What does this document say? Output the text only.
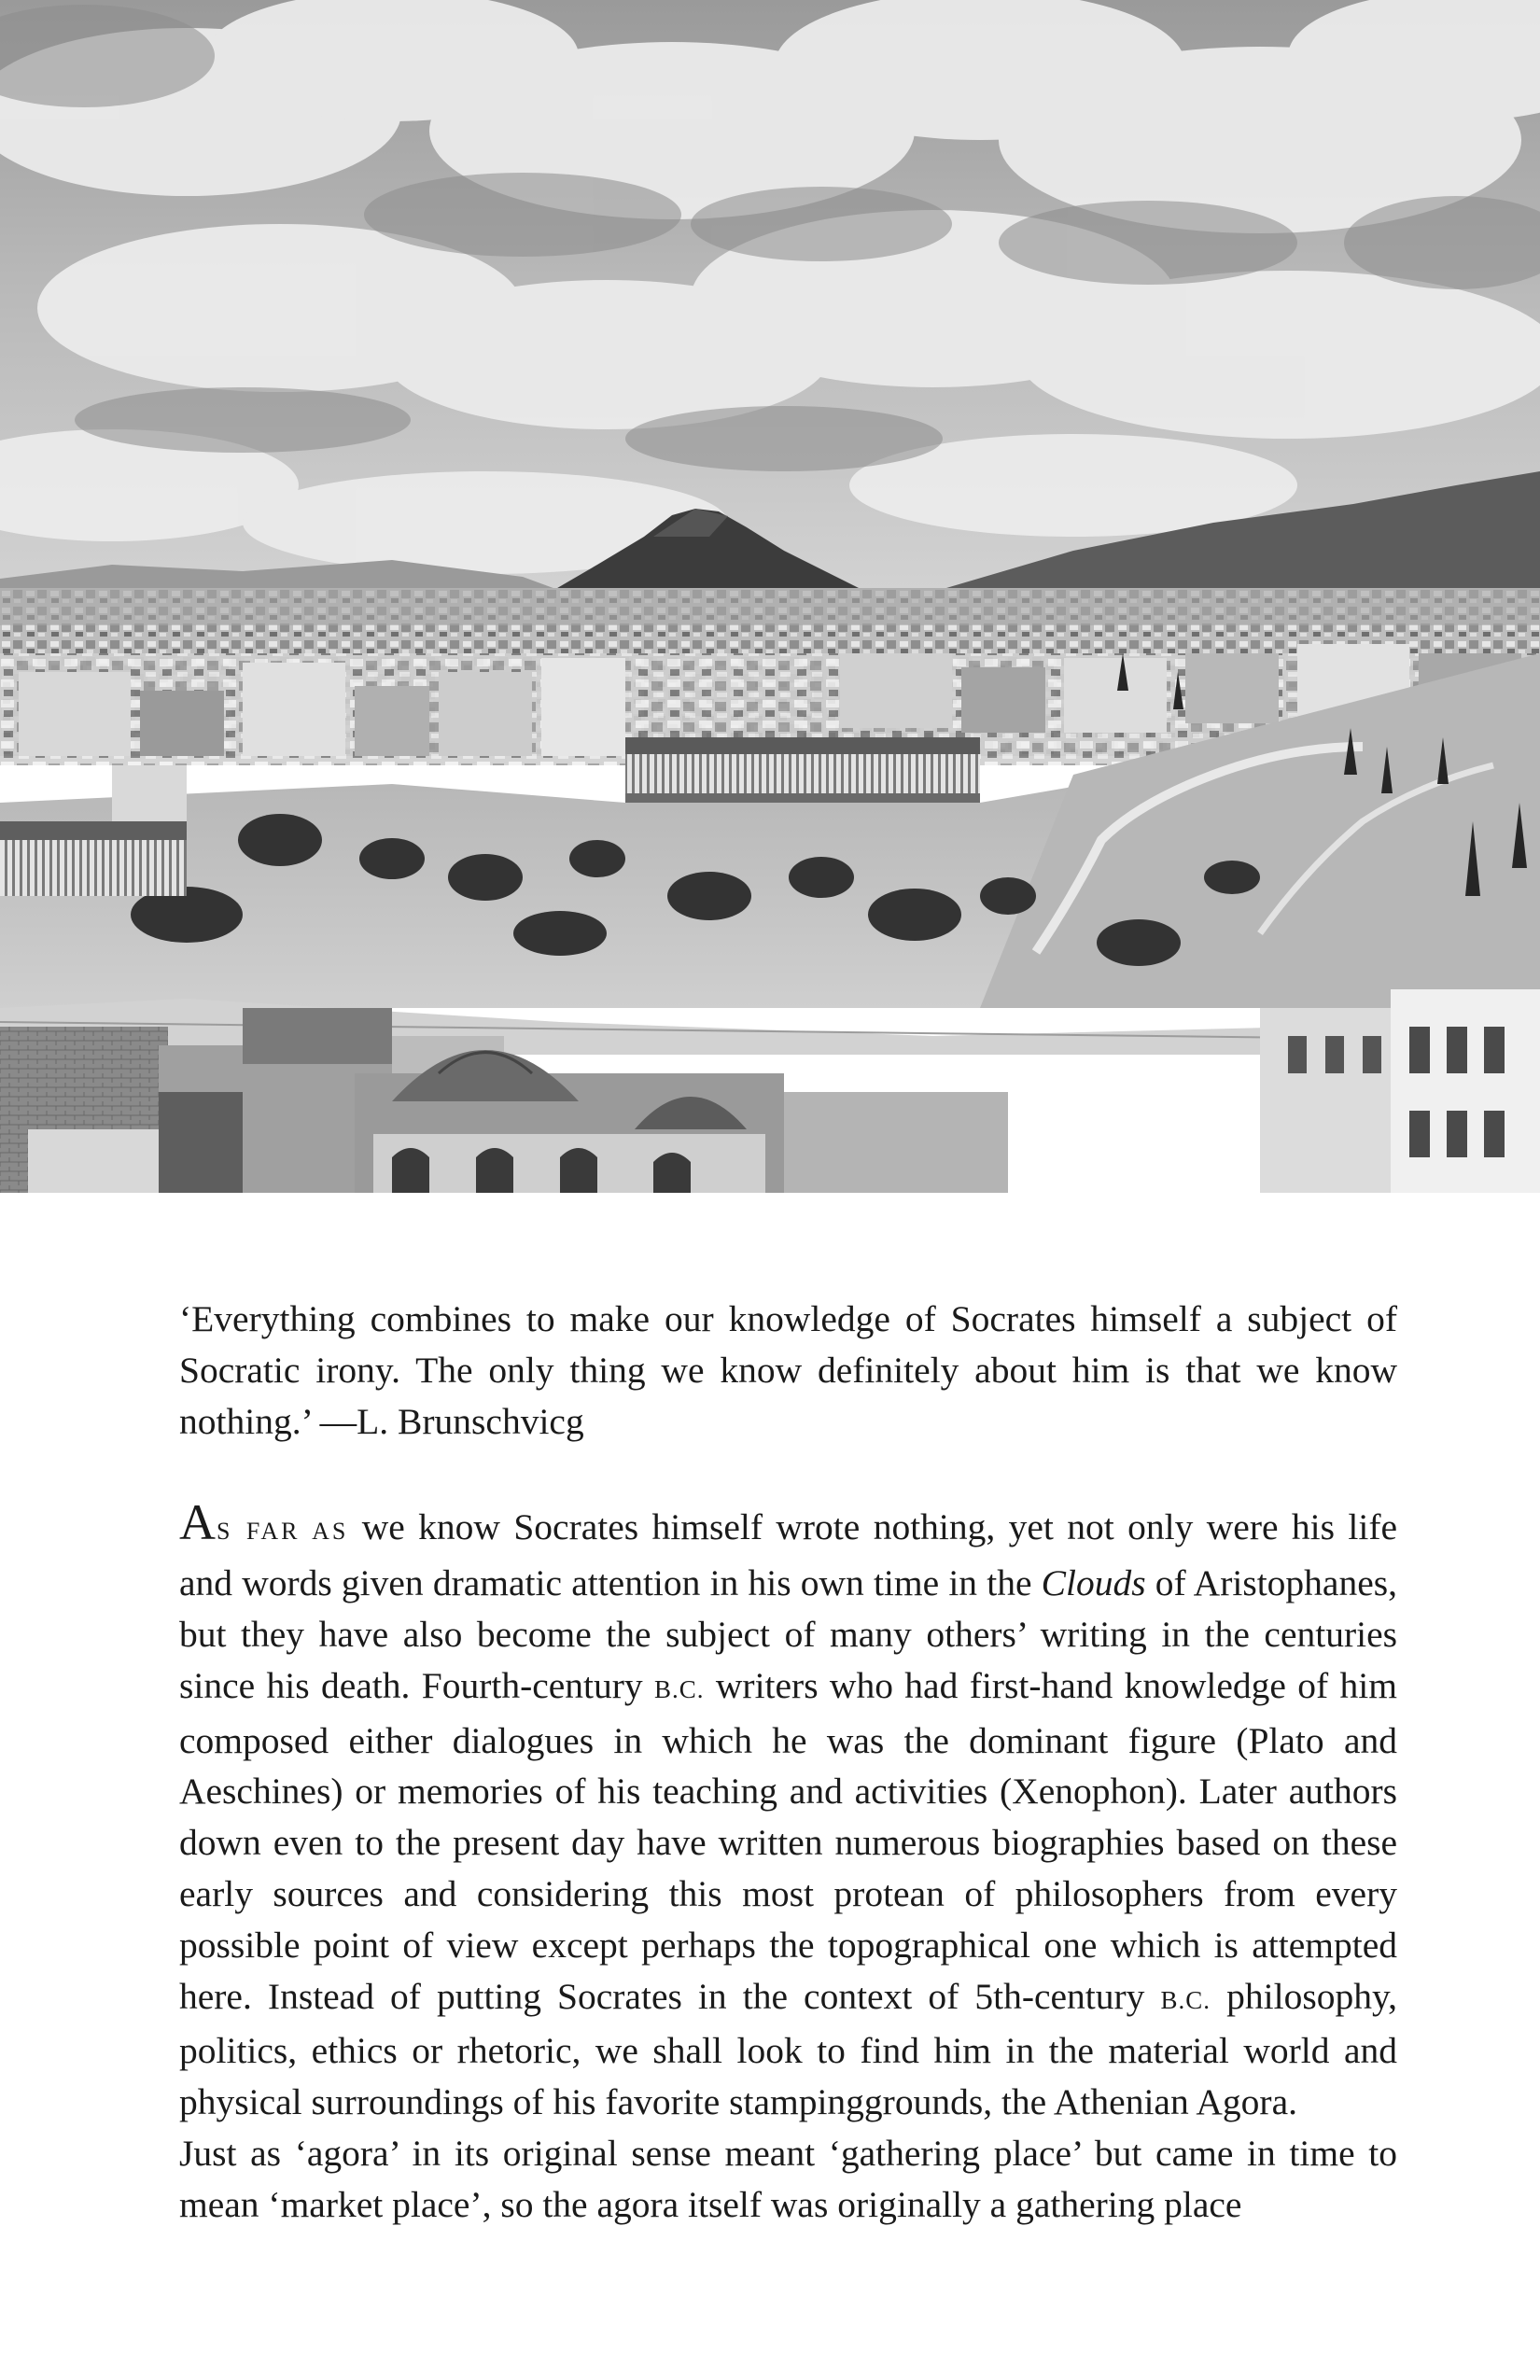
‘Everything combines to make our knowledge of Socrates himself a subject of Socratic irony. The only thing we know definitely about him is that we know nothing.’ —L. Brunschvicg

AS FAR AS we know Socrates himself wrote nothing, yet not only were his life and words given dramatic attention in his own time in the Clouds of Aristophanes, but they have also become the subject of many others’ writing in the centuries since his death. Fourth-century B.C. writers who had first-hand knowledge of him composed either dialogues in which he was the dominant figure (Plato and Aeschines) or memories of his teaching and activities (Xenophon). Later authors down even to the present day have written numerous biographies based on these early sources and considering this most protean of philosophers from every possible point of view except perhaps the topographical one which is attempted here. Instead of putting Socrates in the context of 5th-century B.C. philosophy, politics, ethics or rhetoric, we shall look to find him in the material world and physical surroundings of his favorite stampinggrounds, the Athenian Agora.

Just as ‘agora’ in its original sense meant ‘gathering place’ but came in time to mean ‘market place’, so the agora itself was originally a gathering place
